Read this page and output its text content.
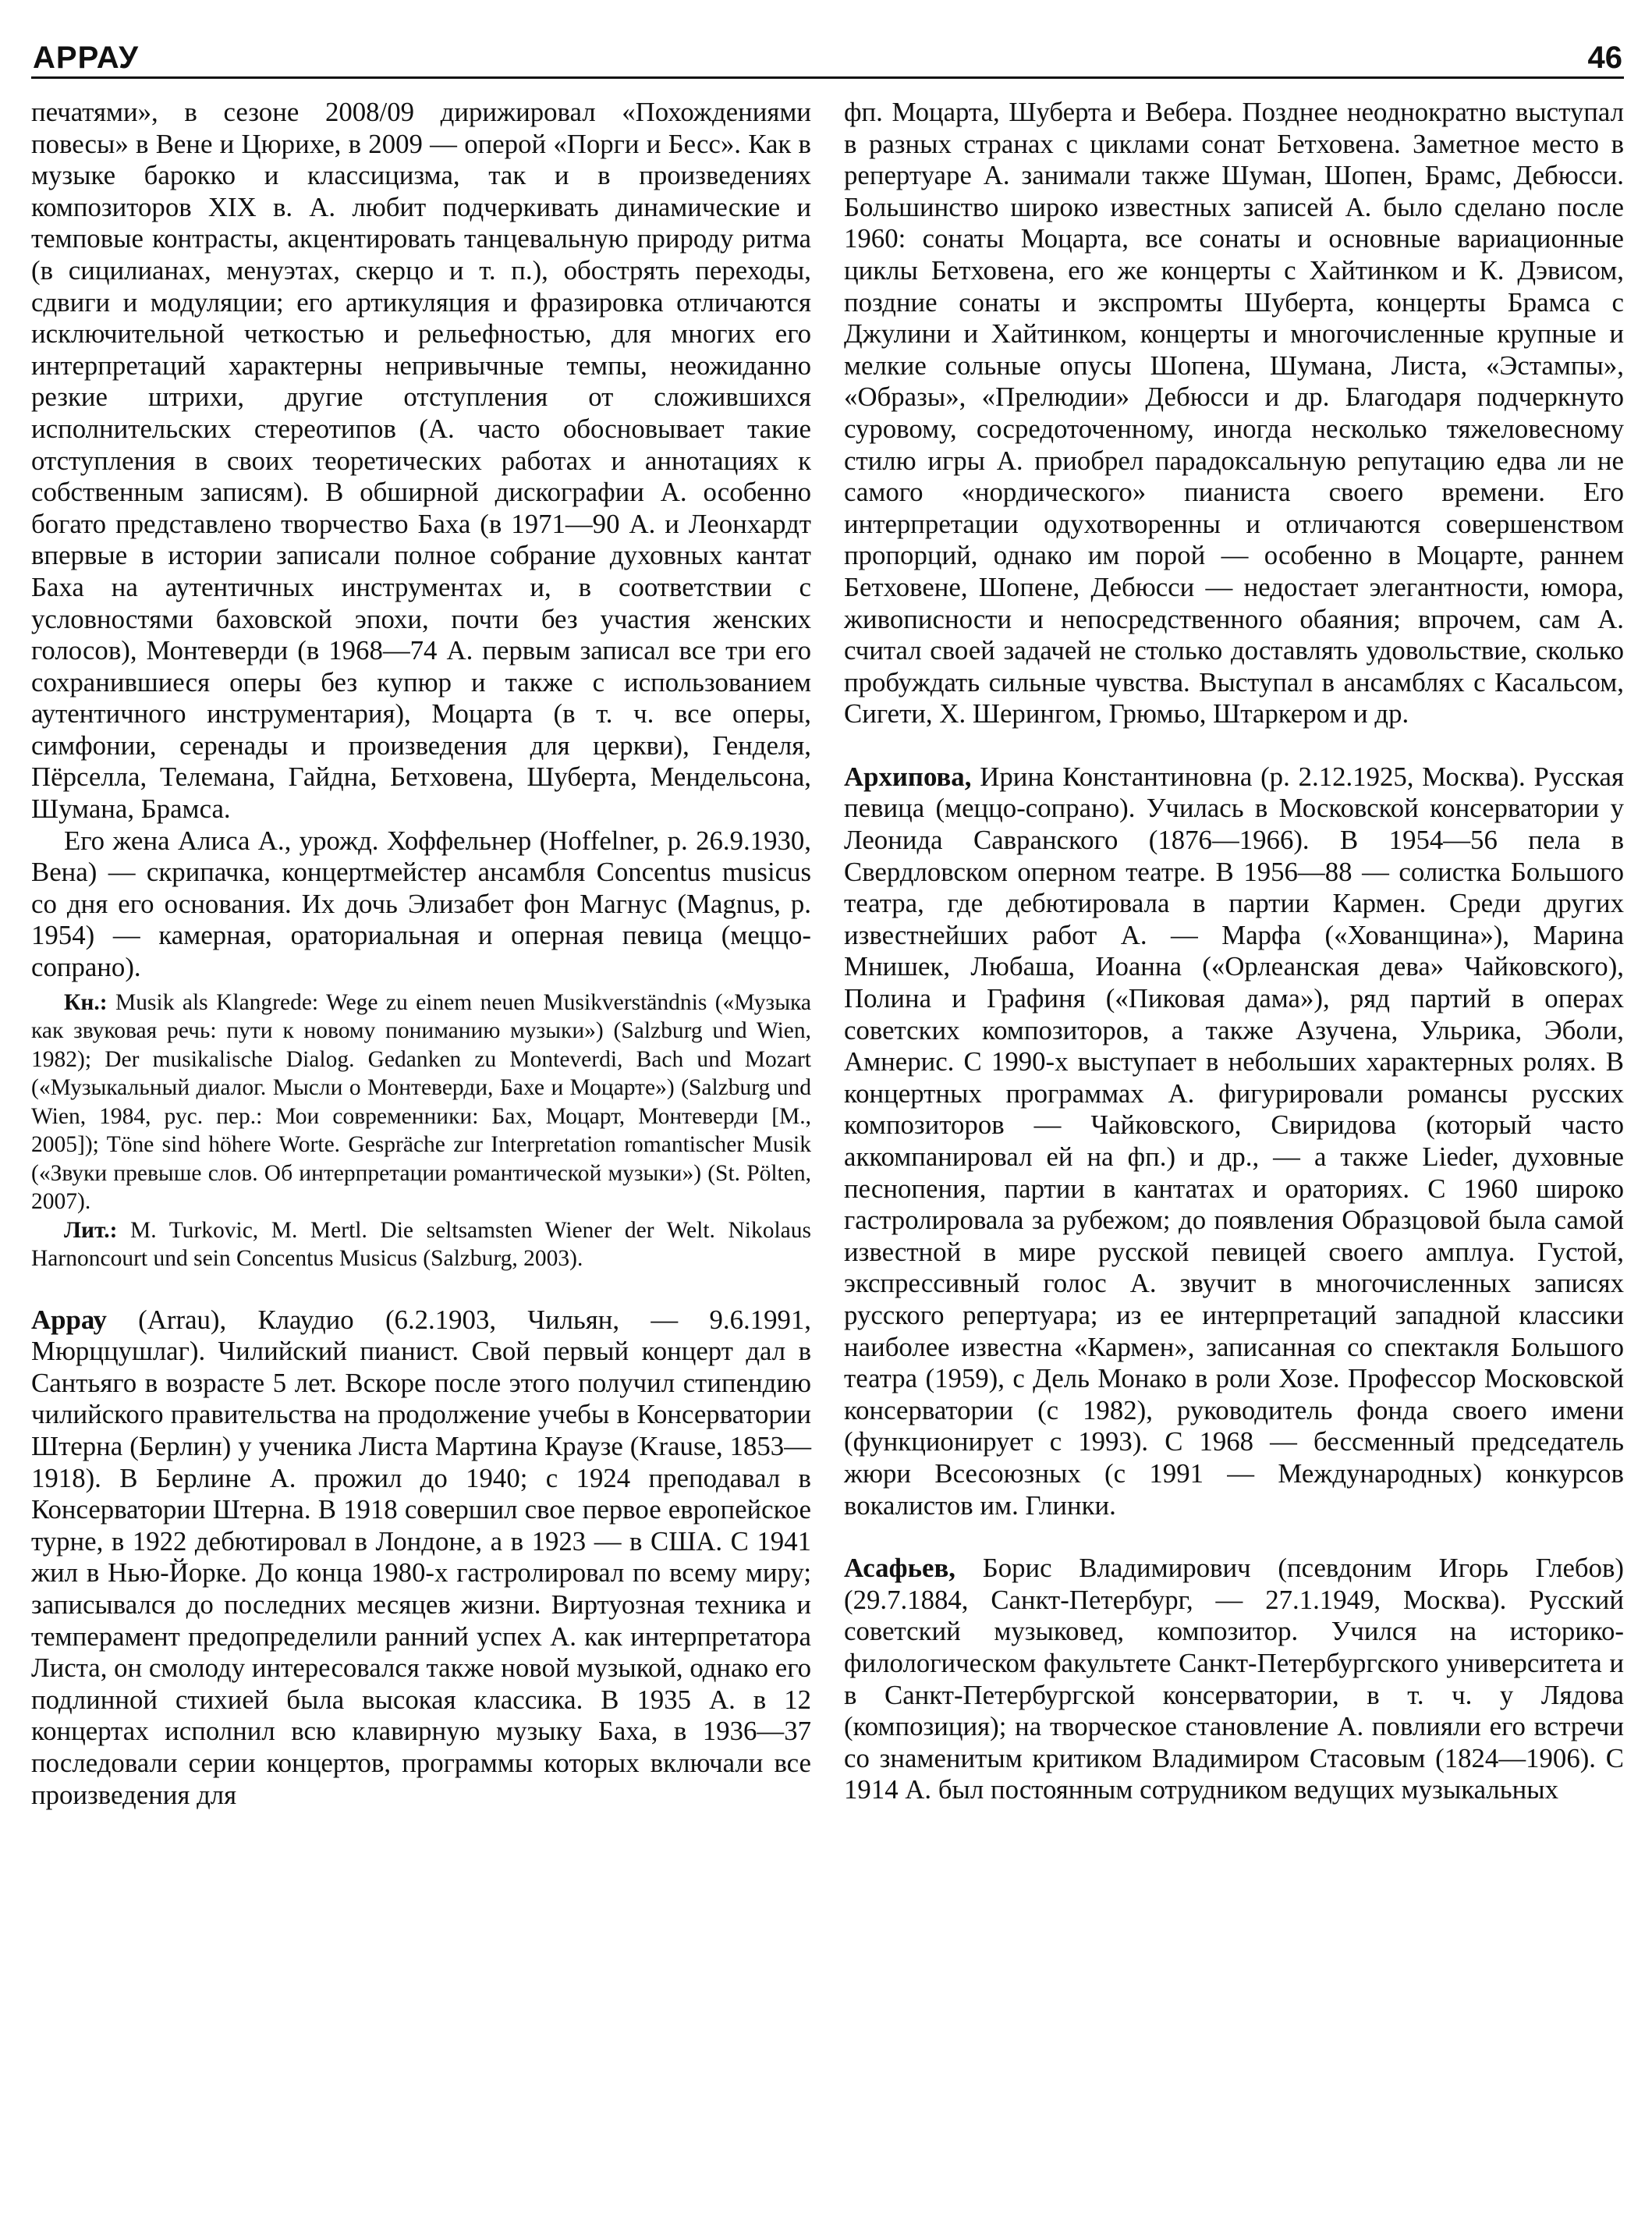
АРРАУ	46

печатями», в сезоне 2008/09 дирижировал «Похождениями повесы» в Вене и Цюрихе, в 2009 — оперой «Порги и Бесс». Как в музыке барокко и классицизма, так и в произведениях композиторов XIX в. А. любит подчеркивать динамические и темповые контрасты, акцентировать танцевальную природу ритма (в сицилианах, менуэтах, скерцо и т. п.), обострять переходы, сдвиги и модуляции; его артикуляция и фразировка отличаются исключительной четкостью и рельефностью, для многих его интерпретаций характерны непривычные темпы, неожиданно резкие штрихи, другие отступления от сложившихся исполнительских стереотипов (А. часто обосновывает такие отступления в своих теоретических работах и аннотациях к собственным записям). В обширной дискографии А. особенно богато представлено творчество Баха (в 1971—90 А. и Леонхардт впервые в истории записали полное собрание духовных кантат Баха на аутентичных инструментах и, в соответствии с условностями баховской эпохи, почти без участия женских голосов), Монтеверди (в 1968—74 А. первым записал все три его сохранившиеся оперы без купюр и также с использованием аутентичного инструментария), Моцарта (в т. ч. все оперы, симфонии, серенады и произведения для церкви), Генделя, Пёрселла, Телемана, Гайдна, Бетховена, Шуберта, Мендельсона, Шумана, Брамса.

Его жена Алиса А., урожд. Хоффельнер (Hoffelner, р. 26.9.1930, Вена) — скрипачка, концертмейстер ансамбля Concentus musicus со дня его основания. Их дочь Элизабет фон Магнус (Magnus, р. 1954) — камерная, ораториальная и оперная певица (меццо-сопрано).

Кн.: Musik als Klangrede: Wege zu einem neuen Musikverständnis («Музыка как звуковая речь: пути к новому пониманию музыки») (Salzburg und Wien, 1982); Der musikalische Dialog. Gedanken zu Monteverdi, Bach und Mozart («Музыкальный диалог. Мысли о Монтеверди, Бахе и Моцарте») (Salzburg und Wien, 1984, рус. пер.: Мои современники: Бах, Моцарт, Монтеверди [М., 2005]); Töne sind höhere Worte. Gespräche zur Interpretation romantischer Musik («Звуки превыше слов. Об интерпретации романтической музыки») (St. Pölten, 2007).

Лит.: M. Turkovic, M. Mertl. Die seltsamsten Wiener der Welt. Nikolaus Harnoncourt und sein Concentus Musicus (Salzburg, 2003).

Аррау (Arrau), Клаудио (6.2.1903, Чильян, — 9.6.1991, Мюрццушлаг). Чилийский пианист. Свой первый концерт дал в Сантьяго в возрасте 5 лет. Вскоре после этого получил стипендию чилийского правительства на продолжение учебы в Консерватории Штерна (Берлин) у ученика Листа Мартина Краузе (Krause, 1853—1918). В Берлине А. прожил до 1940; с 1924 преподавал в Консерватории Штерна. В 1918 совершил свое первое европейское турне, в 1922 дебютировал в Лондоне, а в 1923 — в США. С 1941 жил в Нью-Йорке. До конца 1980-х гастролировал по всему миру; записывался до последних месяцев жизни. Виртуозная техника и темперамент предопределили ранний успех А. как интерпретатора Листа, он смолоду интересовался также новой музыкой, однако его подлинной стихией была высокая классика. В 1935 А. в 12 концертах исполнил всю клавирную музыку Баха, в 1936—37 последовали серии концертов, программы которых включали все произведения для

фп. Моцарта, Шуберта и Вебера. Позднее неоднократно выступал в разных странах с циклами сонат Бетховена. Заметное место в репертуаре А. занимали также Шуман, Шопен, Брамс, Дебюсси. Большинство широко известных записей А. было сделано после 1960: сонаты Моцарта, все сонаты и основные вариационные циклы Бетховена, его же концерты с Хайтинком и К. Дэвисом, поздние сонаты и экспромты Шуберта, концерты Брамса с Джулини и Хайтинком, концерты и многочисленные крупные и мелкие сольные опусы Шопена, Шумана, Листа, «Эстампы», «Образы», «Прелюдии» Дебюсси и др. Благодаря подчеркнуто суровому, сосредоточенному, иногда несколько тяжеловесному стилю игры А. приобрел парадоксальную репутацию едва ли не самого «нордического» пианиста своего времени. Его интерпретации одухотворенны и отличаются совершенством пропорций, однако им порой — особенно в Моцарте, раннем Бетховене, Шопене, Дебюсси — недостает элегантности, юмора, живописности и непосредственного обаяния; впрочем, сам А. считал своей задачей не столько доставлять удовольствие, сколько пробуждать сильные чувства. Выступал в ансамблях с Касальсом, Сигети, Х. Шерингом, Грюмьо, Штаркером и др.

Архипова, Ирина Константиновна (р. 2.12.1925, Москва). Русская певица (меццо-сопрано). Училась в Московской консерватории у Леонида Савранского (1876—1966). В 1954—56 пела в Свердловском оперном театре. В 1956—88 — солистка Большого театра, где дебютировала в партии Кармен. Среди других известнейших работ А. — Марфа («Хованщина»), Марина Мнишек, Любаша, Иоанна («Орлеанская дева» Чайковского), Полина и Графиня («Пиковая дама»), ряд партий в операх советских композиторов, а также Азучена, Ульрика, Эболи, Амнерис. С 1990-х выступает в небольших характерных ролях. В концертных программах А. фигурировали романсы русских композиторов — Чайковского, Свиридова (который часто аккомпанировал ей на фп.) и др., — а также Lieder, духовные песнопения, партии в кантатах и ораториях. С 1960 широко гастролировала за рубежом; до появления Образцовой была самой известной в мире русской певицей своего амплуа. Густой, экспрессивный голос А. звучит в многочисленных записях русского репертуара; из ее интерпретаций западной классики наиболее известна «Кармен», записанная со спектакля Большого театра (1959), с Дель Монако в роли Хозе. Профессор Московской консерватории (с 1982), руководитель фонда своего имени (функционирует с 1993). С 1968 — бессменный председатель жюри Всесоюзных (с 1991 — Международных) конкурсов вокалистов им. Глинки.

Асафьев, Борис Владимирович (псевдоним Игорь Глебов) (29.7.1884, Санкт-Петербург, — 27.1.1949, Москва). Русский советский музыковед, композитор. Учился на историко-филологическом факультете Санкт-Петербургского университета и в Санкт-Петербургской консерватории, в т. ч. у Лядова (композиция); на творческое становление А. повлияли его встречи со знаменитым критиком Владимиром Стасовым (1824—1906). С 1914 А. был постоянным сотрудником ведущих музыкальных
